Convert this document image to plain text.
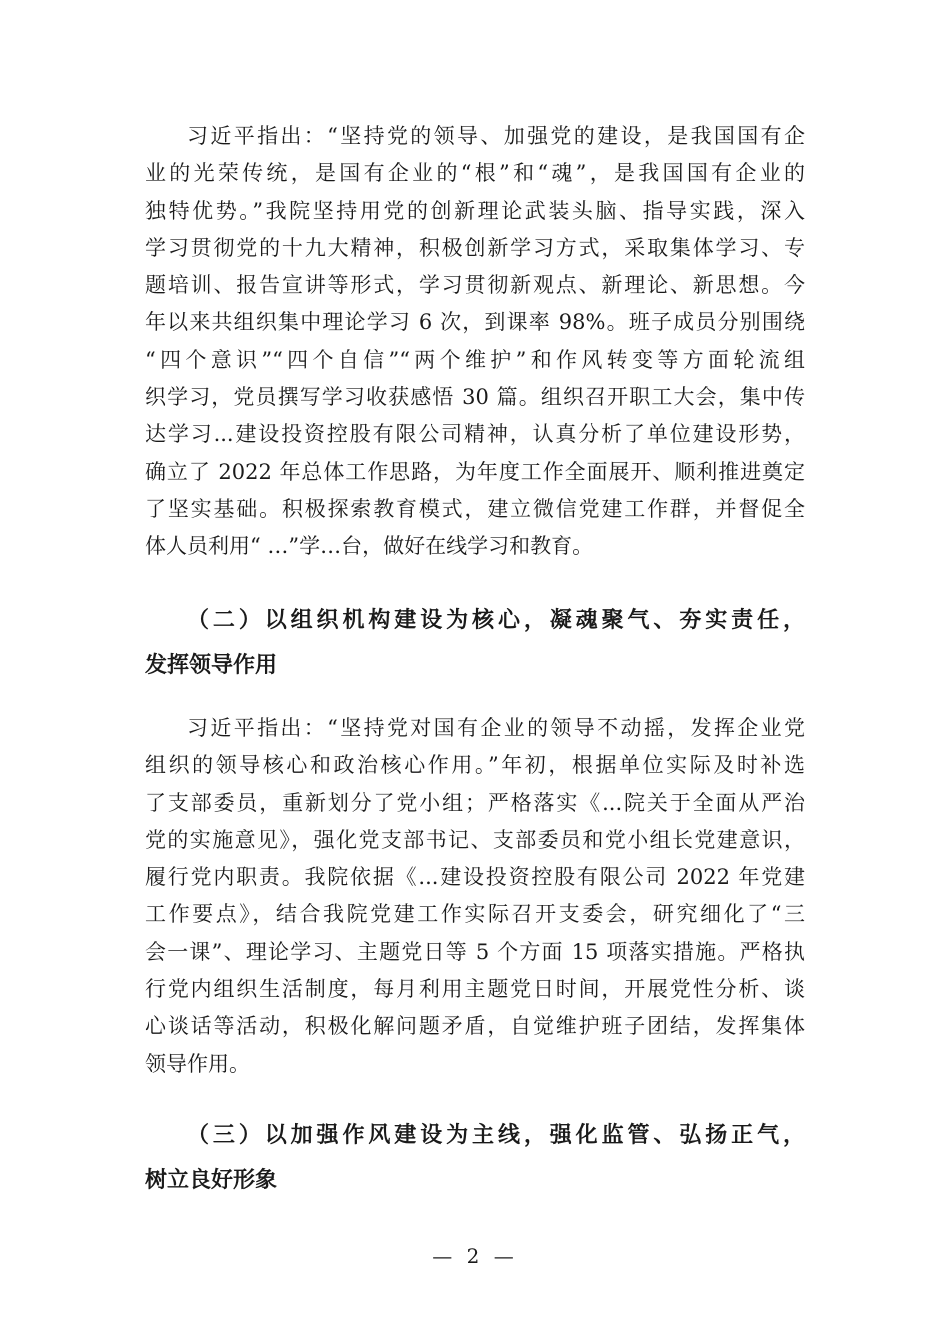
习近平指出：“坚持党的领导、加强党的建设，是我国国有企
业的光荣传统，是国有企业的“根”和“魂”，是我国国有企业的
独特优势。”我院坚持用党的创新理论武装头脑、指导实践，深入
学习贯彻党的十九大精神，积极创新学习方式，采取集体学习、专
题培训、报告宣讲等形式，学习贯彻新观点、新理论、新思想。今
年以来共组织集中理论学习 6 次，到课率 98%。班子成员分别围绕
“四个意识”“四个自信”“两个维护”和作风转变等方面轮流组
织学习，党员撰写学习收获感悟 30 篇。组织召开职工大会，集中传
达学习...建设投资控股有限公司精神，认真分析了单位建设形势，
确立了 2022 年总体工作思路，为年度工作全面展开、顺利推进奠定
了坚实基础。积极探索教育模式，建立微信党建工作群，并督促全
体人员利用“ …”学…台，做好在线学习和教育。
（二）以组织机构建设为核心，凝魂聚气、夯实责任，
发挥领导作用
习近平指出：“坚持党对国有企业的领导不动摇，发挥企业党
组织的领导核心和政治核心作用。”年初，根据单位实际及时补选
了支部委员，重新划分了党小组；严格落实《...院关于全面从严治
党的实施意见》，强化党支部书记、支部委员和党小组长党建意识，
履行党内职责。我院依据《...建设投资控股有限公司 2022 年党建
工作要点》，结合我院党建工作实际召开支委会，研究细化了“三
会一课”、理论学习、主题党日等 5 个方面 15 项落实措施。严格执
行党内组织生活制度，每月利用主题党日时间，开展党性分析、谈
心谈话等活动，积极化解问题矛盾，自觉维护班子团结，发挥集体
领导作用。
（三）以加强作风建设为主线，强化监管、弘扬正气，
树立良好形象
— 2 —
